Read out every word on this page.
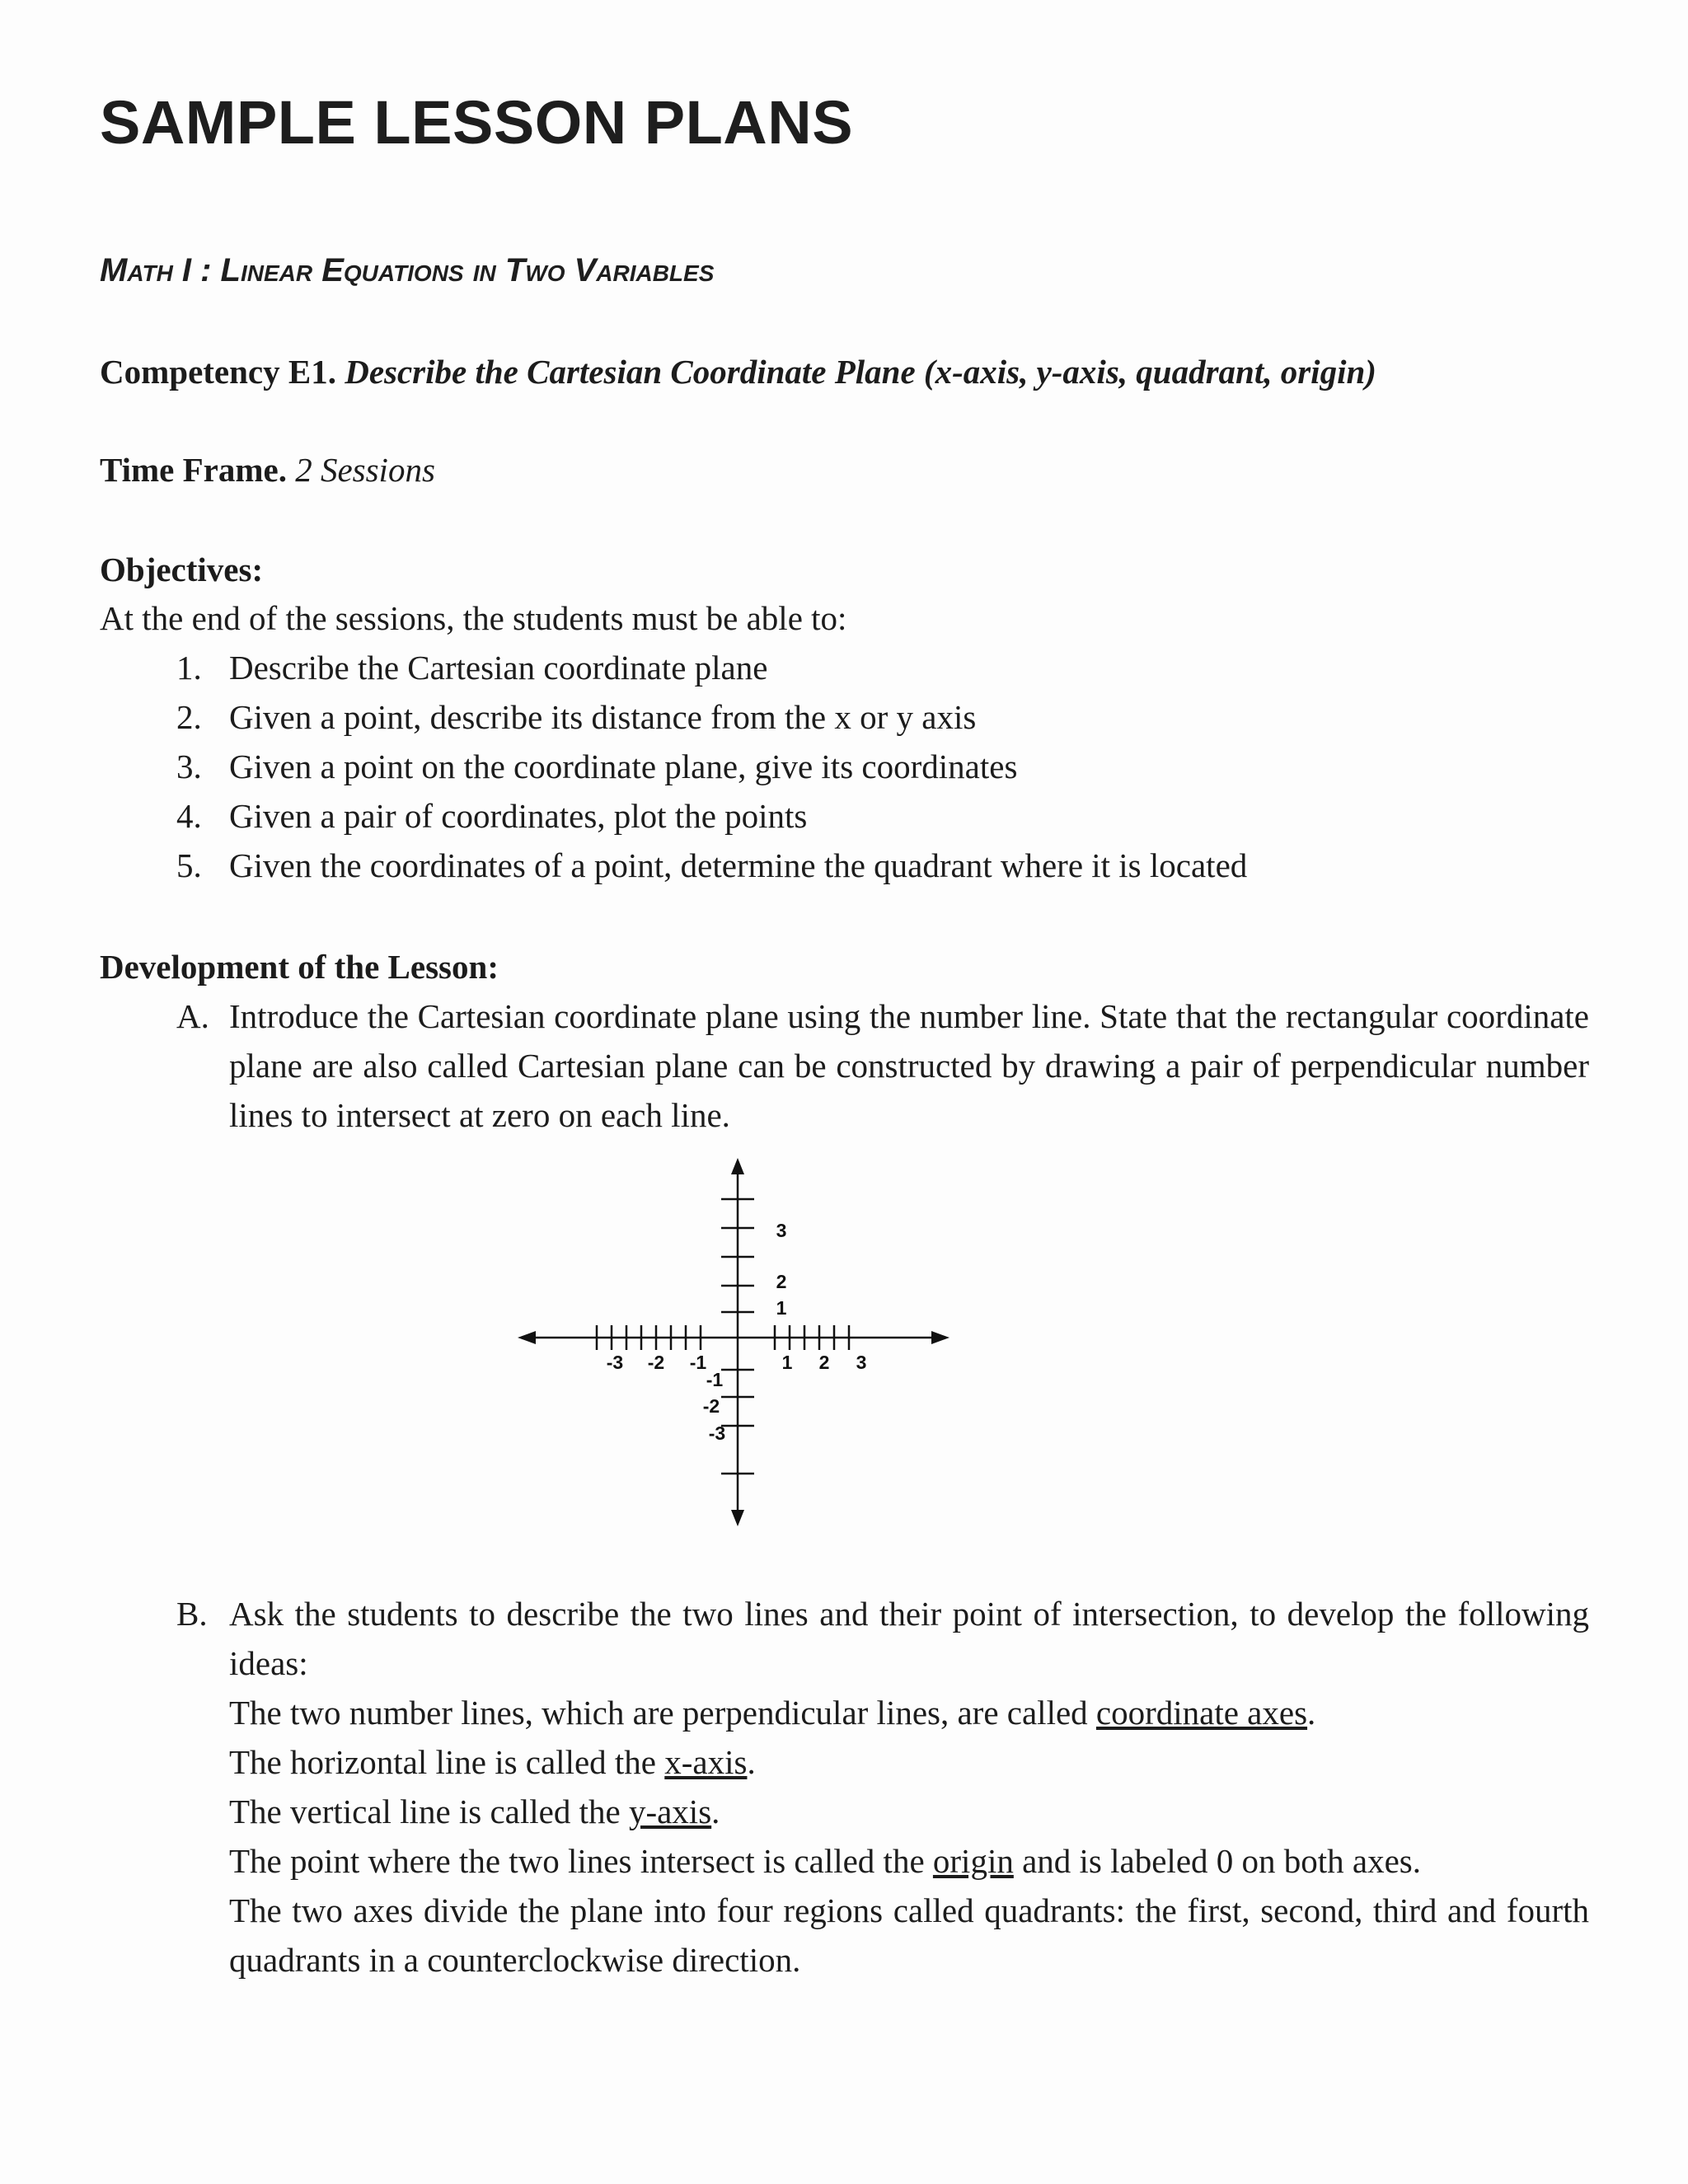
SAMPLE LESSON PLANS
Math I : Linear Equations in Two Variables

Competency E1. Describe the Cartesian Coordinate Plane (x-axis, y-axis, quadrant, origin)

Time Frame. 2 Sessions

Objectives:

At the end of the sessions, the students must be able to:

1. Describe the Cartesian coordinate plane
2. Given a point, describe its distance from the x or y axis
3. Given a point on the coordinate plane, give its coordinates
4. Given a pair of coordinates, plot the points
5. Given the coordinates of a point, determine the quadrant where it is located

Development of the Lesson:

A. Introduce the Cartesian coordinate plane using the number line. State that the rectangular coordinate plane are also called Cartesian plane can be constructed by drawing a pair of perpendicular number lines to intersect at zero on each line.

-3 -2 -1	1 2 3
3
2
1
-1
-2
-3
B. Ask the students to describe the two lines and their point of intersection, to develop the following ideas:

The two number lines, which are perpendicular lines, are called coordinate axes.

The horizontal line is called the x-axis.

The vertical line is called the y-axis.

The point where the two lines intersect is called the origin and is labeled 0 on both axes.

The two axes divide the plane into four regions called quadrants: the first, second, third and fourth quadrants in a counterclockwise direction.
